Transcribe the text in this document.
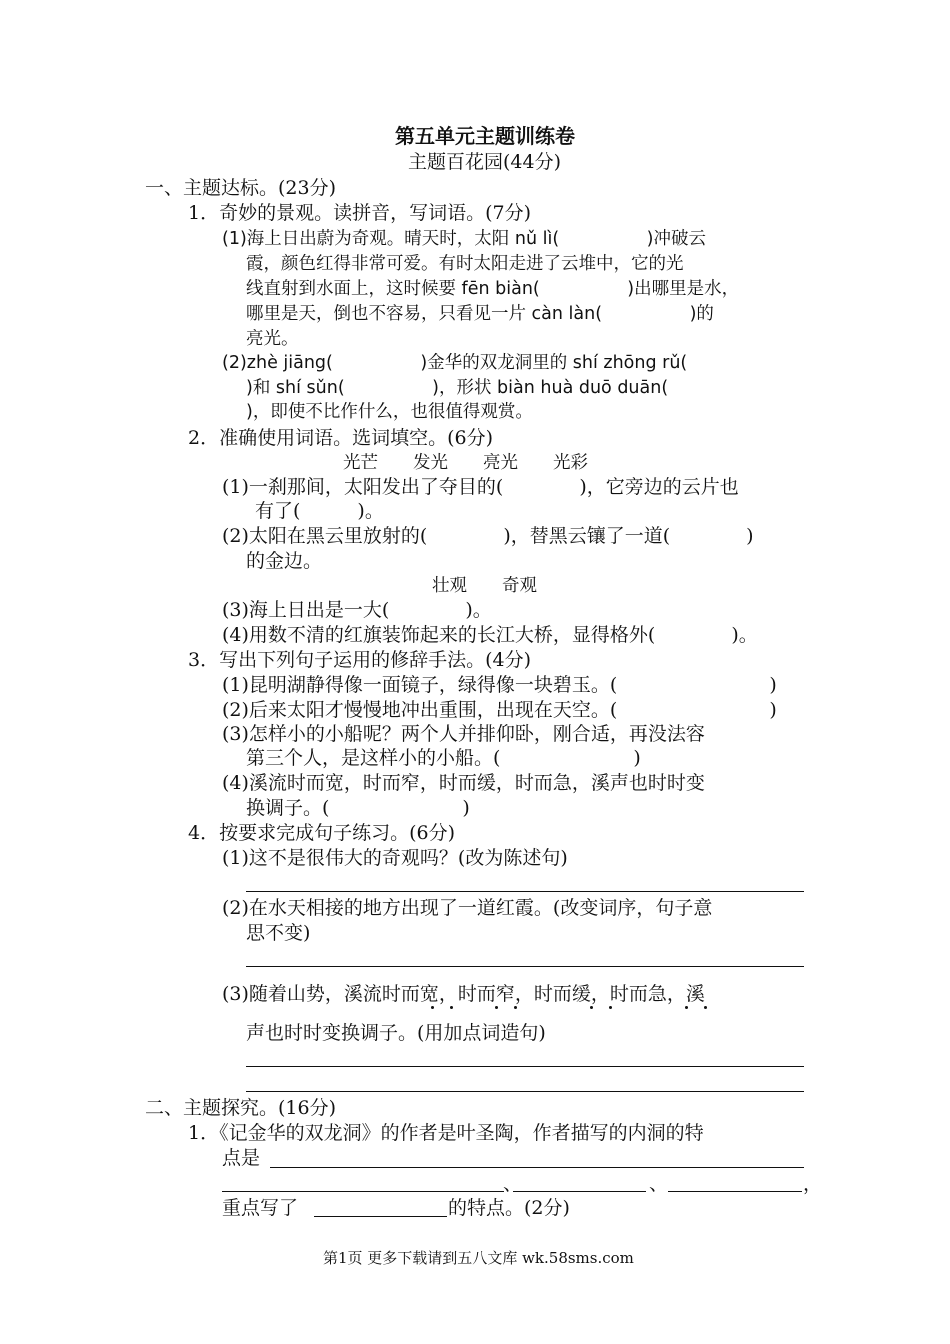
第五单元主题训练卷
主题百花园(44分)
一、主题达标。(23分)
1．奇妙的景观。读拼音，写词语。(7分)
(1)海上日出蔚为奇观。晴天时，太阳 nǔ lì(　　　　　)冲破云
霞，颜色红得非常可爱。有时太阳走进了云堆中，它的光
线直射到水面上，这时候要 fēn biàn(　　　　　)出哪里是水，
哪里是天，倒也不容易，只看见一片 càn làn(　　　　　)的
亮光。
(2)zhè jiāng(　　　　　)金华的双龙洞里的 shí zhōng rǔ(
)和 shí sǔn(　　　　　)，形状 biàn huà duō duān(
)，即使不比作什么，也很值得观赏。
2．准确使用词语。选词填空。(6分)
光芒　　发光　　亮光　　光彩
(1)一刹那间，太阳发出了夺目的(　　　　)，它旁边的云片也
有了(　　　)。
(2)太阳在黑云里放射的(　　　　)，替黑云镶了一道(　　　　)
的金边。
壮观　　奇观
(3)海上日出是一大(　　　　)。
(4)用数不清的红旗装饰起来的长江大桥，显得格外(　　　　)。
3．写出下列句子运用的修辞手法。(4分)
(1)昆明湖静得像一面镜子，绿得像一块碧玉。(　　　　　　　　)
(2)后来太阳才慢慢地冲出重围，出现在天空。(　　　　　　　　)
(3)怎样小的小船呢？两个人并排仰卧，刚合适，再没法容
第三个人，是这样小的小船。(　　　　　　　)
(4)溪流时而宽，时而窄，时而缓，时而急，溪声也时时变
换调子。(　　　　　　　)
4．按要求完成句子练习。(6分)
(1)这不是很伟大的奇观吗？(改为陈述句)
(2)在水天相接的地方出现了一道红霞。(改变词序，句子意
思不变)
(3)随着山势，溪流时而宽，时而窄，时而缓，时而急，溪
声也时时变换调子。(用加点词造句)
二、主题探究。(16分)
1．《记金华的双龙洞》的作者是叶圣陶，作者描写的内洞的特
点是
、	、	，
重点写了	的特点。(2分)
第1页 更多下载请到五八文库 wk.58sms.com
